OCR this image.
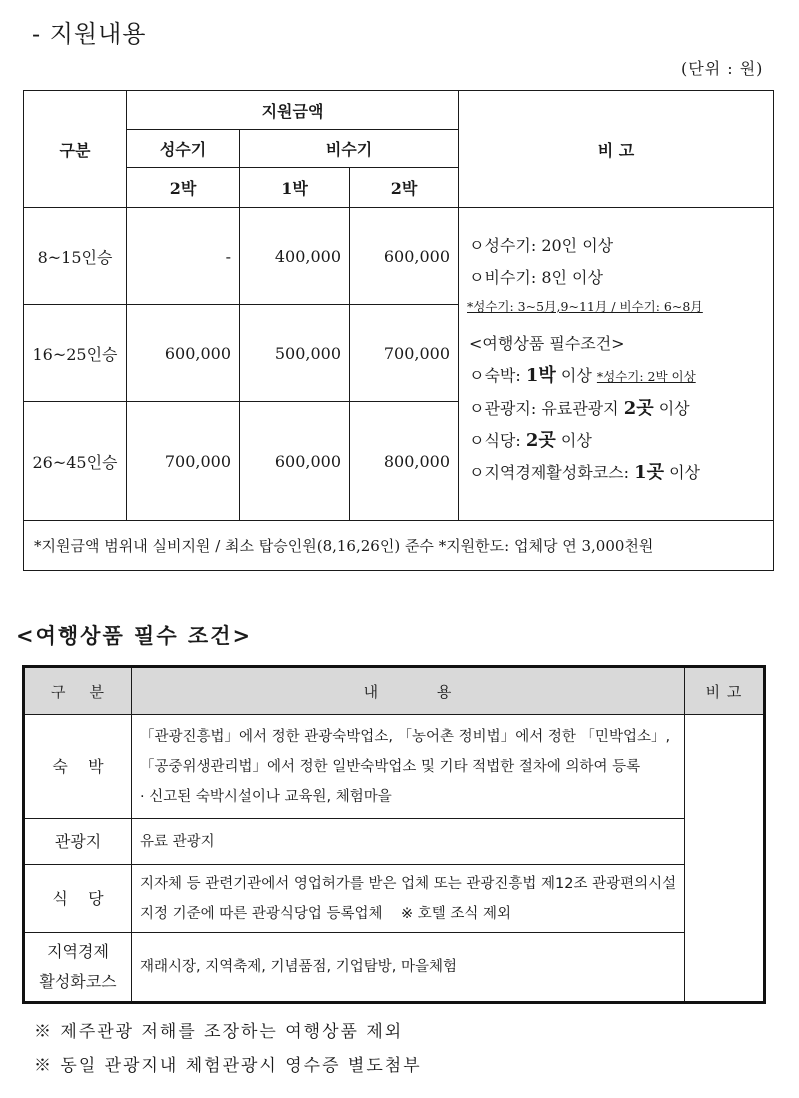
- 지원내용
(단위 : 원)
구분	지원금액			비 고
	성수기	비수기		
	2박	1박	2박	
8~15인승	-	400,000	600,000	
ㅇ성수기: 20인 이상
ㅇ비수기: 8인 이상
*성수기: 3~5月,9~11月 / 비수기: 6~8月
<여행상품 필수조건>
ㅇ숙박: 1박 이상 *성수기: 2박 이상
ㅇ관광지: 유료관광지 2곳 이상
ㅇ식당: 2곳 이상
ㅇ지역경제활성화코스: 1곳 이상

16~25인승	600,000	500,000	700,000	
26~45인승	700,000	600,000	800,000	
*지원금액 범위내 실비지원 / 최소 탑승인원(8,16,26인) 준수 *지원한도: 업체당 연 3,000천원				
<여행상품 필수 조건>
구    분	내          용	비 고
숙    박	「관광진흥법」에서 정한 관광숙박업소, 「농어촌 정비법」에서 정한 「민박업소」,
「공중위생관리법」에서 정한 일반숙박업소 및 기타 적법한 절차에 의하여 등록
· 신고된 숙박시설이나 교육원, 체험마을	

관광지	유료 관광지	

식    당	지자체 등 관련기관에서 영업허가를 받은 업체 또는 관광진흥법 제12조 관광편의시설
지정 기준에 따른 관광식당업 등록업체    ※ 호텔 조식 제외	

지역경제
활성화코스	재래시장, 지역축제, 기념품점, 기업탐방, 마을체험	
※ 제주관광 저해를 조장하는 여행상품 제외
※ 동일 관광지내 체험관광시 영수증 별도첨부
